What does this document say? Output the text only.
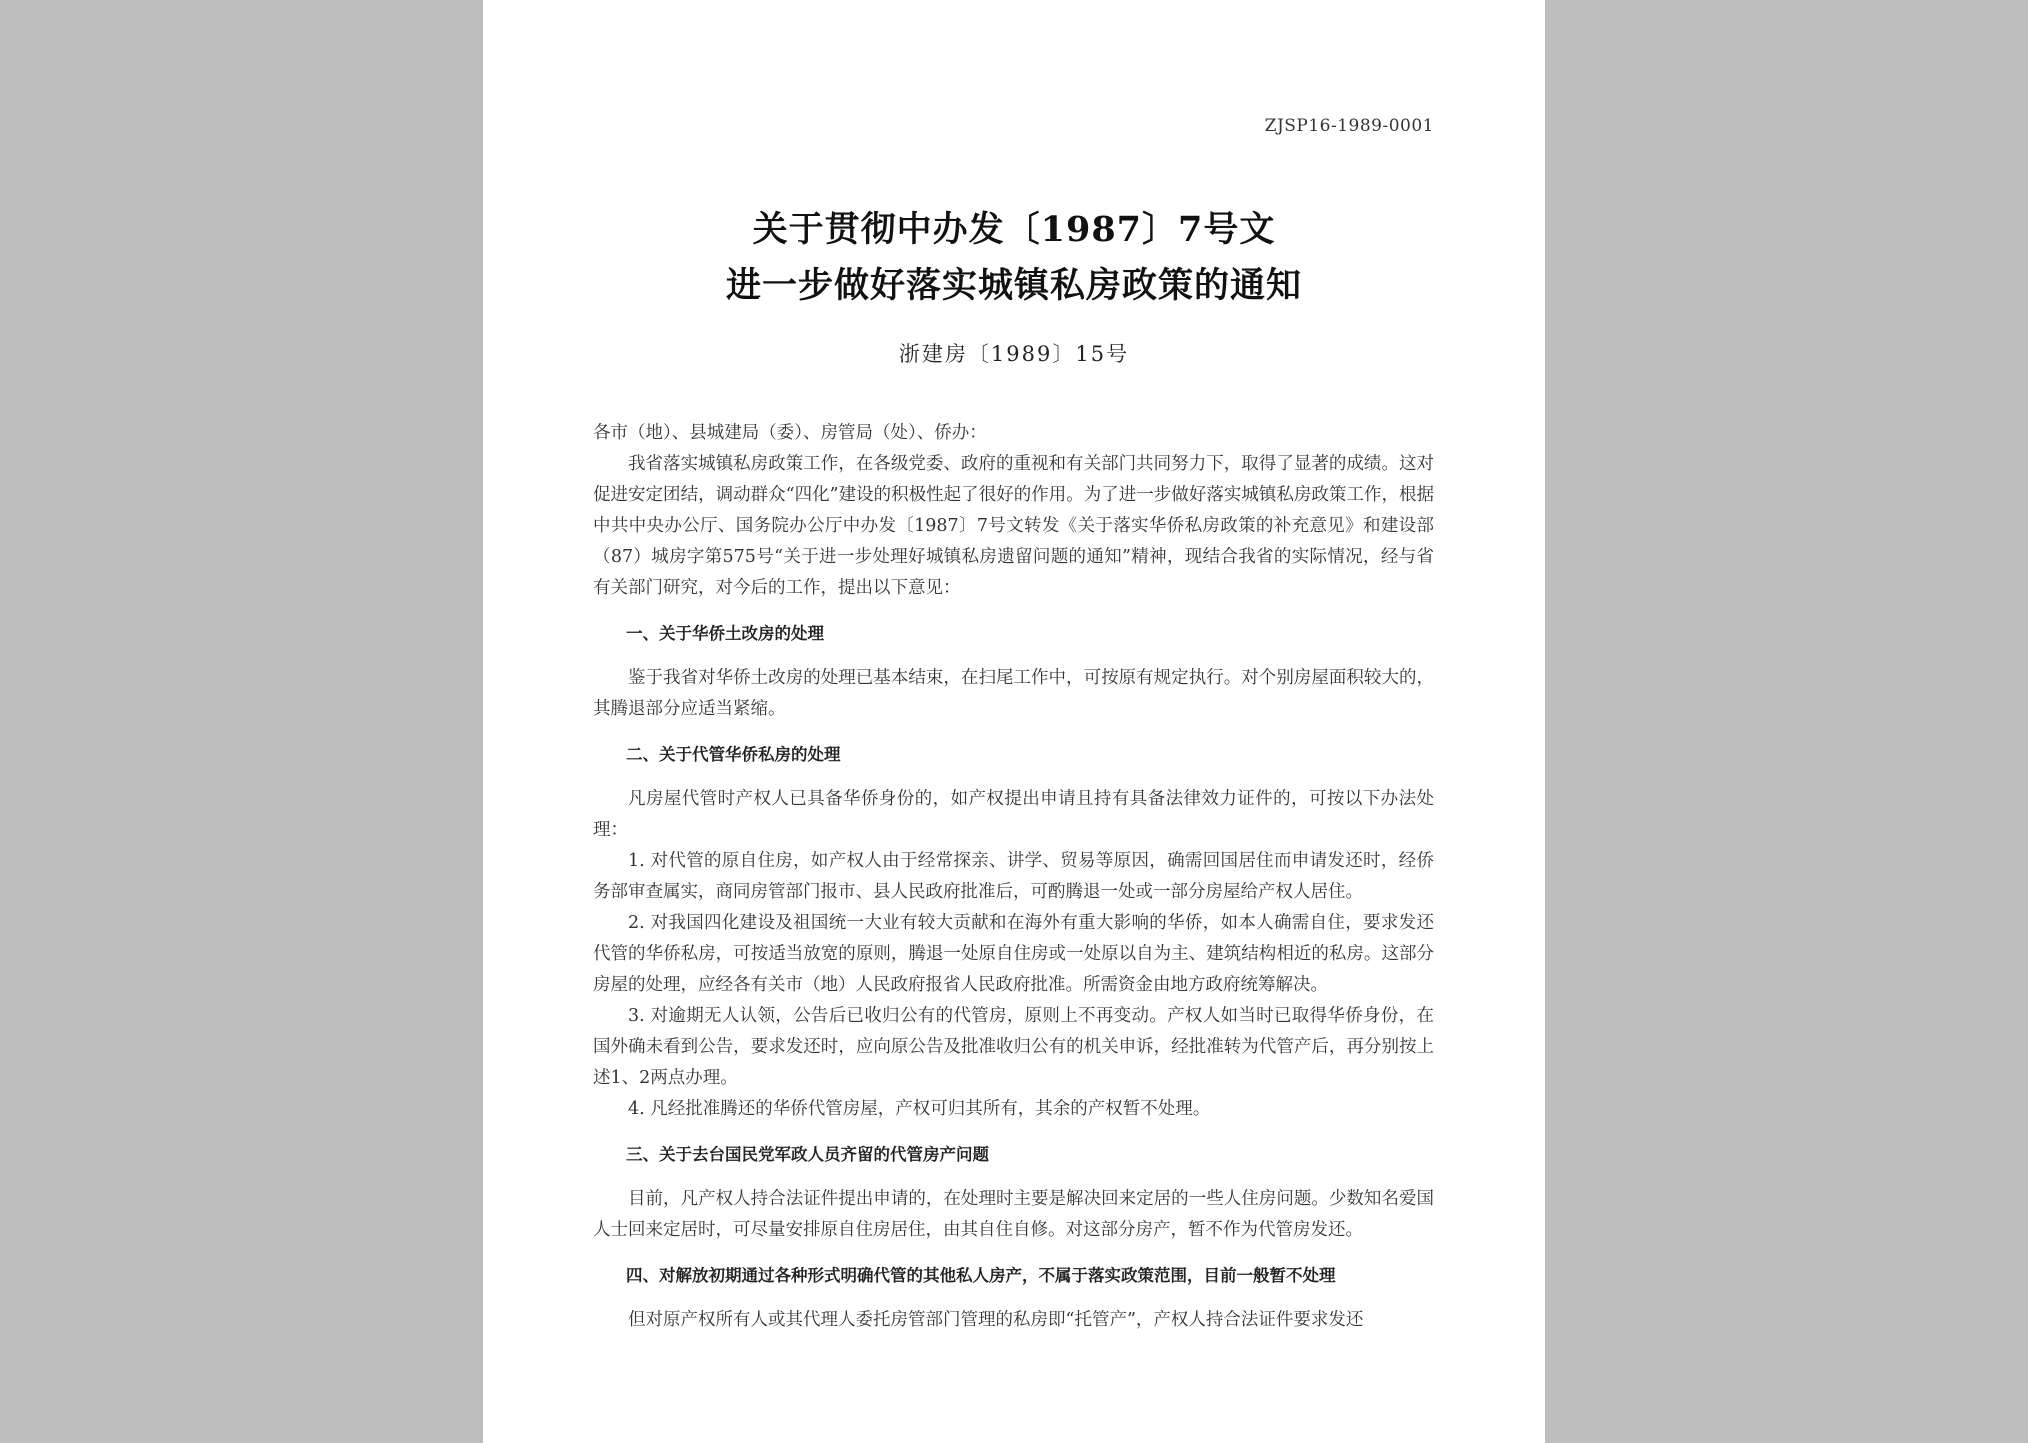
ZJSP16-1989-0001
关于贯彻中办发〔1987〕7号文
进一步做好落实城镇私房政策的通知
浙建房〔1989〕15号

各市（地）、县城建局（委）、房管局（处）、侨办：

我省落实城镇私房政策工作，在各级党委、政府的重视和有关部门共同努力下，取得了显著的成绩。这对促进安定团结，调动群众“四化”建设的积极性起了很好的作用。为了进一步做好落实城镇私房政策工作，根据中共中央办公厅、国务院办公厅中办发〔1987〕7号文转发《关于落实华侨私房政策的补充意见》和建设部（87）城房字第575号“关于进一步处理好城镇私房遗留问题的通知”精神，现结合我省的实际情况，经与省有关部门研究，对今后的工作，提出以下意见：

一、关于华侨土改房的处理

鉴于我省对华侨土改房的处理已基本结束，在扫尾工作中，可按原有规定执行。对个别房屋面积较大的，其腾退部分应适当紧缩。

二、关于代管华侨私房的处理

凡房屋代管时产权人已具备华侨身份的，如产权提出申请且持有具备法律效力证件的，可按以下办法处理：

1. 对代管的原自住房，如产权人由于经常探亲、讲学、贸易等原因，确需回国居住而申请发还时，经侨务部审查属实，商同房管部门报市、县人民政府批准后，可酌腾退一处或一部分房屋给产权人居住。

2. 对我国四化建设及祖国统一大业有较大贡献和在海外有重大影响的华侨，如本人确需自住，要求发还代管的华侨私房，可按适当放宽的原则，腾退一处原自住房或一处原以自为主、建筑结构相近的私房。这部分房屋的处理，应经各有关市（地）人民政府报省人民政府批准。所需资金由地方政府统筹解决。

3. 对逾期无人认领，公告后已收归公有的代管房，原则上不再变动。产权人如当时已取得华侨身份，在国外确未看到公告，要求发还时，应向原公告及批准收归公有的机关申诉，经批准转为代管产后，再分别按上述1、2两点办理。

4. 凡经批准腾还的华侨代管房屋，产权可归其所有，其余的产权暂不处理。

三、关于去台国民党军政人员齐留的代管房产问题

目前，凡产权人持合法证件提出申请的，在处理时主要是解决回来定居的一些人住房问题。少数知名爱国人士回来定居时，可尽量安排原自住房居住，由其自住自修。对这部分房产，暂不作为代管房发还。

四、对解放初期通过各种形式明确代管的其他私人房产，不属于落实政策范围，目前一般暂不处理

但对原产权所有人或其代理人委托房管部门管理的私房即“托管产”，产权人持合法证件要求发还
